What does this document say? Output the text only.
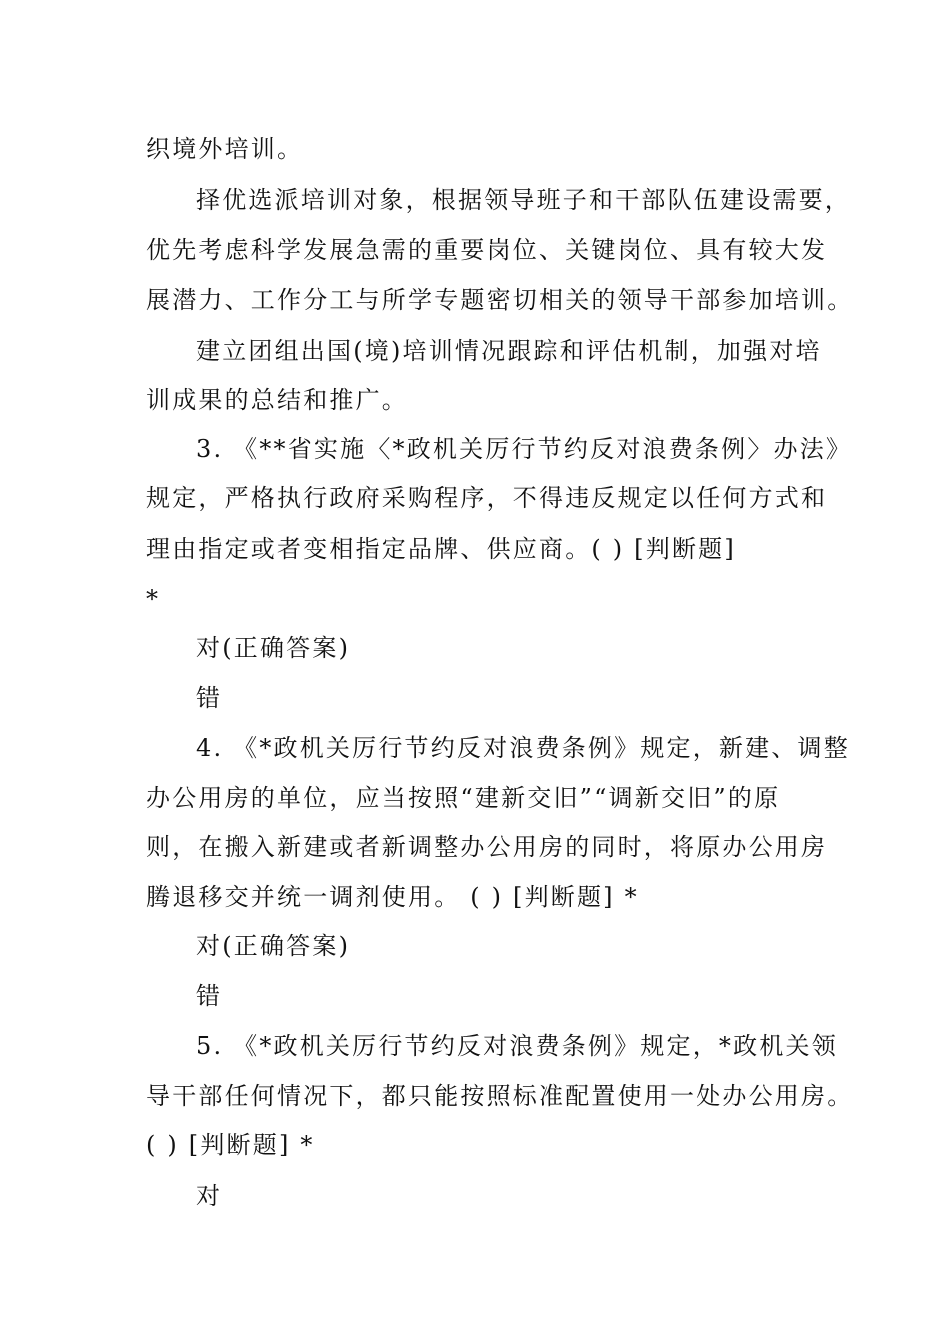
织境外培训。
择优选派培训对象，根据领导班子和干部队伍建设需要，
优先考虑科学发展急需的重要岗位、关键岗位、具有较大发
展潜力、工作分工与所学专题密切相关的领导干部参加培训。
建立团组出国(境)培训情况跟踪和评估机制，加强对培
训成果的总结和推广。
3. 《**省实施〈*政机关厉行节约反对浪费条例〉办法》
规定，严格执行政府采购程序，不得违反规定以任何方式和
理由指定或者变相指定品牌、供应商。( ) [判断题]
*
对(正确答案)
错
4. 《*政机关厉行节约反对浪费条例》规定，新建、调整
办公用房的单位，应当按照“建新交旧”“调新交旧”的原
则，在搬入新建或者新调整办公用房的同时，将原办公用房
腾退移交并统一调剂使用。 ( ) [判断题] *
对(正确答案)
错
5. 《*政机关厉行节约反对浪费条例》规定，*政机关领
导干部任何情况下，都只能按照标准配置使用一处办公用房。
( ) [判断题] *
对
